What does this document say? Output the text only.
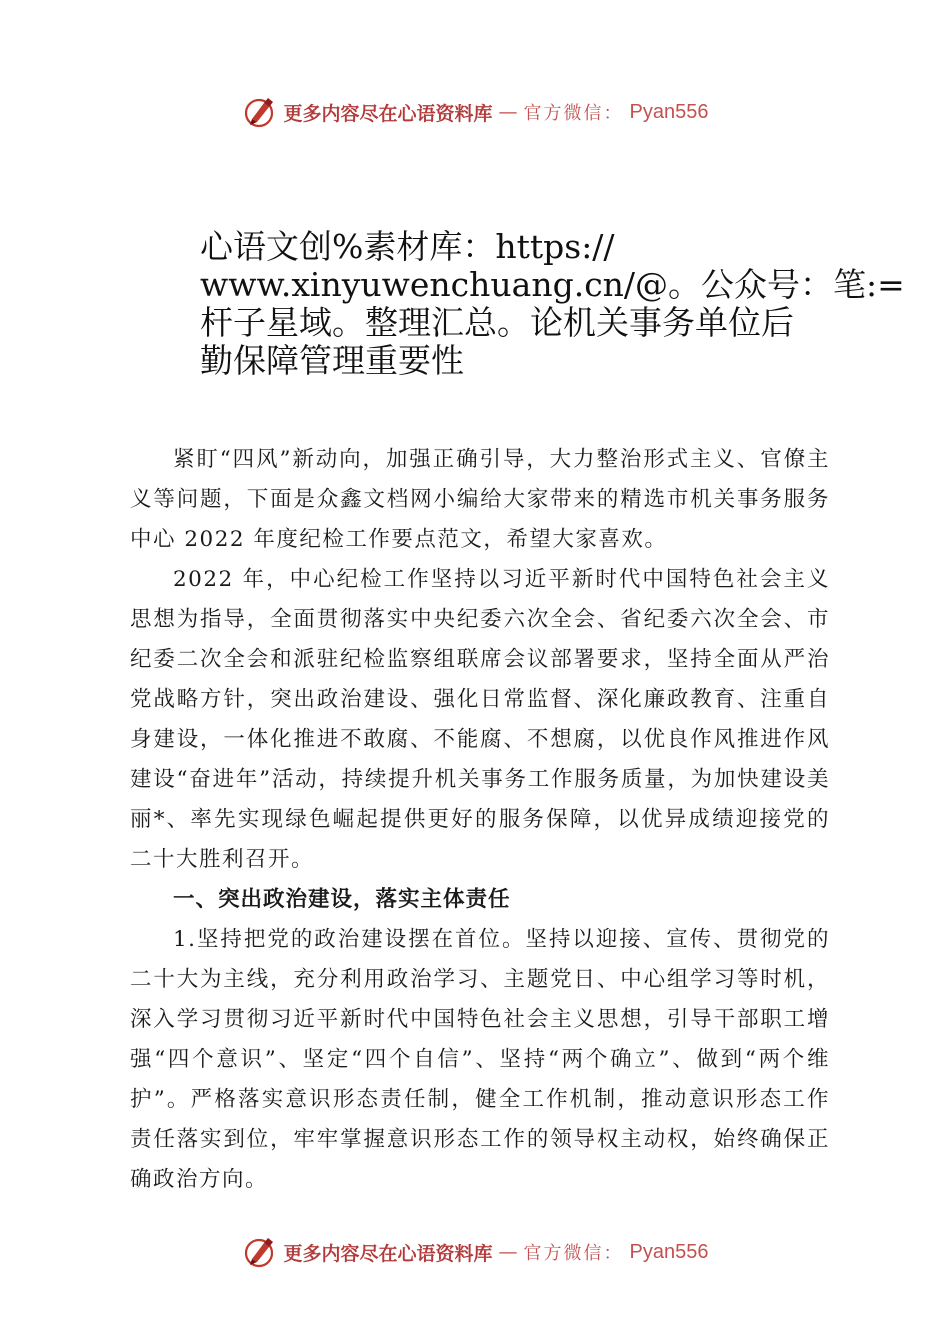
更多内容尽在心语资料库 — 官方微信： Pyan556
心语文创%素材库：https://
www.xinyuwenchuang.cn/@。公众号：笔:=
杆子星域。整理汇总。论机关事务单位后
勤保障管理重要性

紧盯“四风”新动向，加强正确引导，大力整治形式主义、官僚主义等问题，下面是众鑫文档网小编给大家带来的精选市机关事务服务中心 2022 年度纪检工作要点范文，希望大家喜欢。

2022 年，中心纪检工作坚持以习近平新时代中国特色社会主义思想为指导，全面贯彻落实中央纪委六次全会、省纪委六次全会、市纪委二次全会和派驻纪检监察组联席会议部署要求，坚持全面从严治党战略方针，突出政治建设、强化日常监督、深化廉政教育、注重自身建设，一体化推进不敢腐、不能腐、不想腐，以优良作风推进作风建设“奋进年”活动，持续提升机关事务工作服务质量，为加快建设美丽*、率先实现绿色崛起提供更好的服务保障，以优异成绩迎接党的二十大胜利召开。

一、突出政治建设，落实主体责任

1.坚持把党的政治建设摆在首位。坚持以迎接、宣传、贯彻党的二十大为主线，充分利用政治学习、主题党日、中心组学习等时机，深入学习贯彻习近平新时代中国特色社会主义思想，引导干部职工增强“四个意识”、坚定“四个自信”、坚持“两个确立”、做到“两个维护”。严格落实意识形态责任制，健全工作机制，推动意识形态工作责任落实到位，牢牢掌握意识形态工作的领导权主动权，始终确保正确政治方向。

更多内容尽在心语资料库 — 官方微信： Pyan556
